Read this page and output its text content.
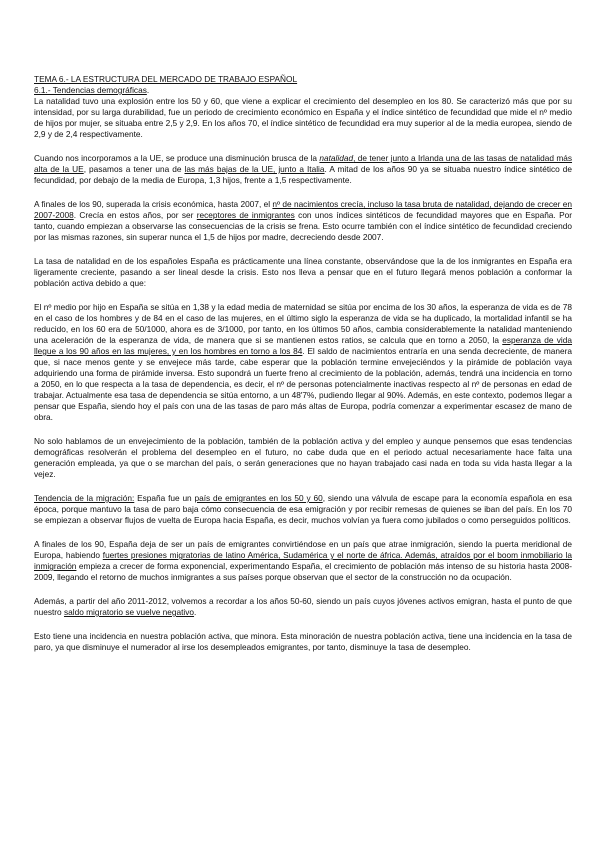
TEMA 6.- LA ESTRUCTURA DEL MERCADO DE TRABAJO ESPAÑOL
6.1.- Tendencias demográficas.

La natalidad tuvo una explosión entre los 50 y 60, que viene a explicar el crecimiento del desempleo en los 80. Se caracterizó más que por su intensidad, por su larga durabilidad, fue un periodo de crecimiento económico en España y el índice sintético de fecundidad que mide el nº medio de hijos por mujer, se situaba entre 2,5 y 2,9. En los años 70, el índice sintético de fecundidad era muy superior al de la media europea, siendo de 2,9 y de 2,4 respectivamente.

Cuando nos incorporamos a la UE, se produce una disminución brusca de la natalidad, de tener junto a Irlanda una de las tasas de natalidad más alta de la UE, pasamos a tener una de las más bajas de la UE, junto a Italia. A mitad de los años 90 ya se situaba nuestro índice sintético de fecundidad, por debajo de la media de Europa, 1,3 hijos, frente a 1,5 respectivamente.

A finales de los 90, superada la crisis económica, hasta 2007, el nº de nacimientos crecía, incluso la tasa bruta de natalidad, dejando de crecer en 2007-2008. Crecía en estos años, por ser receptores de inmigrantes con unos índices sintéticos de fecundidad mayores que en España. Por tanto, cuando empiezan a observarse las consecuencias de la crisis se frena. Esto ocurre también con el índice sintético de fecundidad creciendo por las mismas razones, sin superar nunca el 1,5 de hijos por madre, decreciendo desde 2007.

La tasa de natalidad en de los españoles España es prácticamente una línea constante, observándose que la de los inmigrantes en España era ligeramente creciente, pasando a ser lineal desde la crisis. Esto nos lleva a pensar que en el futuro llegará menos población a conformar la población activa debido a que:

El nº medio por hijo en España se sitúa en 1,38 y la edad media de maternidad se sitúa por encima de los 30 años, la esperanza de vida es de 78 en el caso de los hombres y de 84 en el caso de las mujeres, en el último siglo la esperanza de vida se ha duplicado, la mortalidad infantil se ha reducido, en los 60 era de 50/1000, ahora es de 3/1000, por tanto, en los últimos 50 años, cambia considerablemente la natalidad manteniendo una aceleración de la esperanza de vida, de manera que si se mantienen estos ratios, se calcula que en torno a 2050, la esperanza de vida llegue a los 90 años en las mujeres, y en los hombres en torno a los 84. El saldo de nacimientos entraría en una senda decreciente, de manera que, si nace menos gente y se envejece más tarde, cabe esperar que la población termine envejeciéndos y la pirámide de población vaya adquiriendo una forma de pirámide inversa. Esto supondrá un fuerte freno al crecimiento de la población, además, tendrá una incidencia en torno a 2050, en lo que respecta a la tasa de dependencia, es decir, el nº de personas potencialmente inactivas respecto al nº de personas en edad de trabajar. Actualmente esa tasa de dependencia se sitúa entorno, a un 48'7%, pudiendo llegar al 90%. Además, en este contexto, podemos llegar a pensar que España, siendo hoy el país con una de las tasas de paro más altas de Europa, podría comenzar a experimentar escasez de mano de obra.

No solo hablamos de un envejecimiento de la población, también de la población activa y del empleo y aunque pensemos que esas tendencias demográficas resolverán el problema del desempleo en el futuro, no cabe duda que en el periodo actual necesariamente hace falta una generación empleada, ya que o se marchan del país, o serán generaciones que no hayan trabajado casi nada en toda su vida hasta llegar a la vejez.

Tendencia de la migración: España fue un país de emigrantes en los 50 y 60, siendo una válvula de escape para la economía española en esa época, porque mantuvo la tasa de paro baja cómo consecuencia de esa emigración y por recibir remesas de quienes se iban del país. En los 70 se empiezan a observar flujos de vuelta de Europa hacia España, es decir, muchos volvían ya fuera como jubilados o como perseguidos políticos.

A finales de los 90, España deja de ser un país de emigrantes convirtiéndose en un país que atrae inmigración, siendo la puerta meridional de Europa, habiendo fuertes presiones migratorias de latino América, Sudamérica y el norte de áfrica. Además, atraídos por el boom inmobiliario la inmigración empieza a crecer de forma exponencial, experimentando España, el crecimiento de población más intenso de su historia hasta 2008-2009, llegando el retorno de muchos inmigrantes a sus países porque observan que el sector de la construcción no da ocupación.

Además, a partir del año 2011-2012, volvemos a recordar a los años 50-60, siendo un país cuyos jóvenes activos emigran, hasta el punto de que nuestro saldo migratorio se vuelve negativo.

Esto tiene una incidencia en nuestra población activa, que minora. Esta minoración de nuestra población activa, tiene una incidencia en la tasa de paro, ya que disminuye el numerador al irse los desempleados emigrantes, por tanto, disminuye la tasa de desempleo.
